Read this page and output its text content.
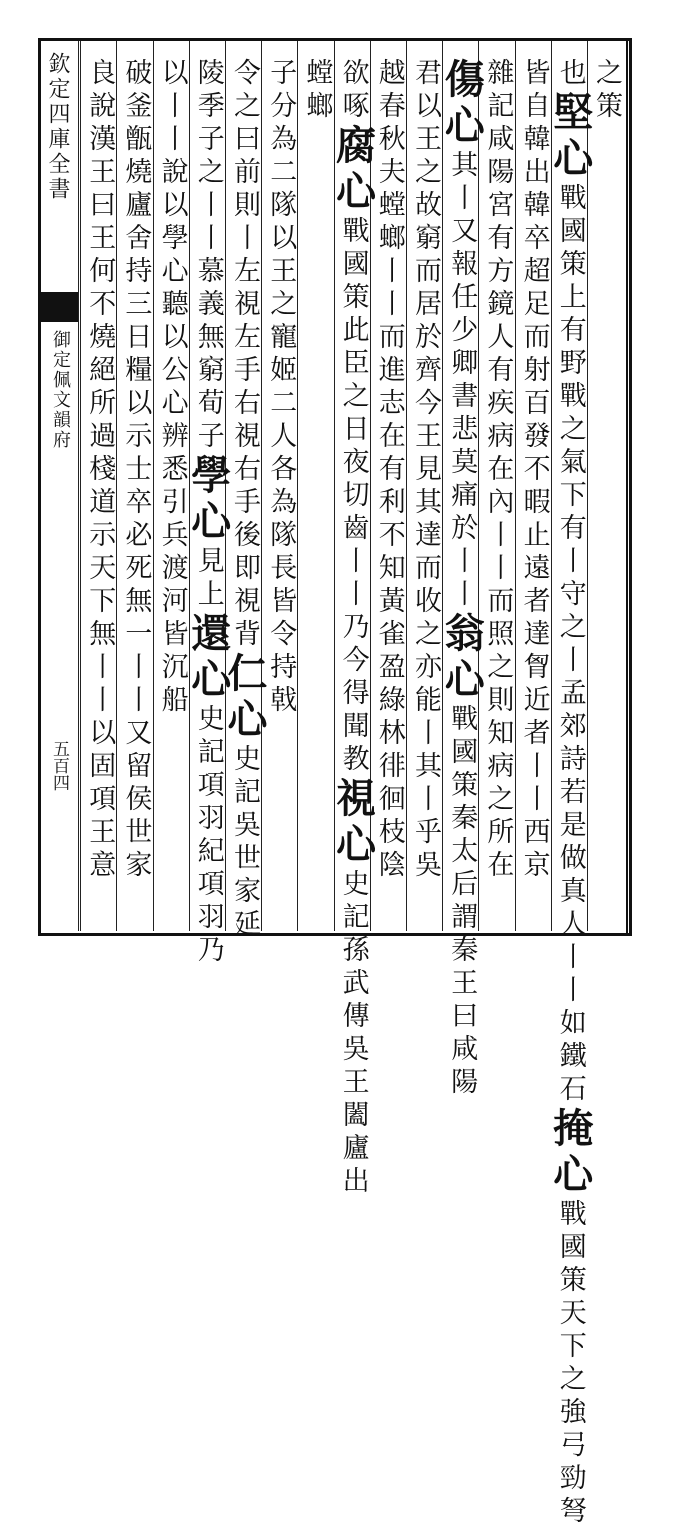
欽定四庫全書
御定佩文韻府
五百四
之策
也堅心戰國策上有野戰之氣下有丨守之丨孟郊詩若是做真人丨丨如鐵石掩心戰國策天下之強弓勁弩
皆自韓出韓卒超足而射百發不暇止遠者達胷近者丨丨西京
雜記咸陽宮有方鏡人有疾病在內丨丨而照之則知病之所在
傷心其丨又報任少卿書悲莫痛於丨丨翁心戰國策秦太后謂秦王曰咸陽
君以王之故窮而居於齊今王見其達而收之亦能丨其丨乎吳
越春秋夫螳螂丨丨而進志在有利不知黃雀盈綠林徘徊枝陰
欲啄腐心戰國策此臣之日夜切齒丨丨乃今得聞教視心史記孫武傳吳王闔廬出
螳螂
子分為二隊以王之寵姬二人各為隊長皆令持戟
令之曰前則丨左視左手右視右手後即視背仁心史記吳世家延
陵季子之丨丨慕義無窮荀子學心見上還心史記項羽紀項羽乃
以丨丨說以學心聽以公心辨悉引兵渡河皆沉船
破釜甑燒廬舍持三日糧以示士卒必死無一丨丨又留侯世家
良說漢王曰王何不燒絕所過棧道示天下無丨丨以固項王意
